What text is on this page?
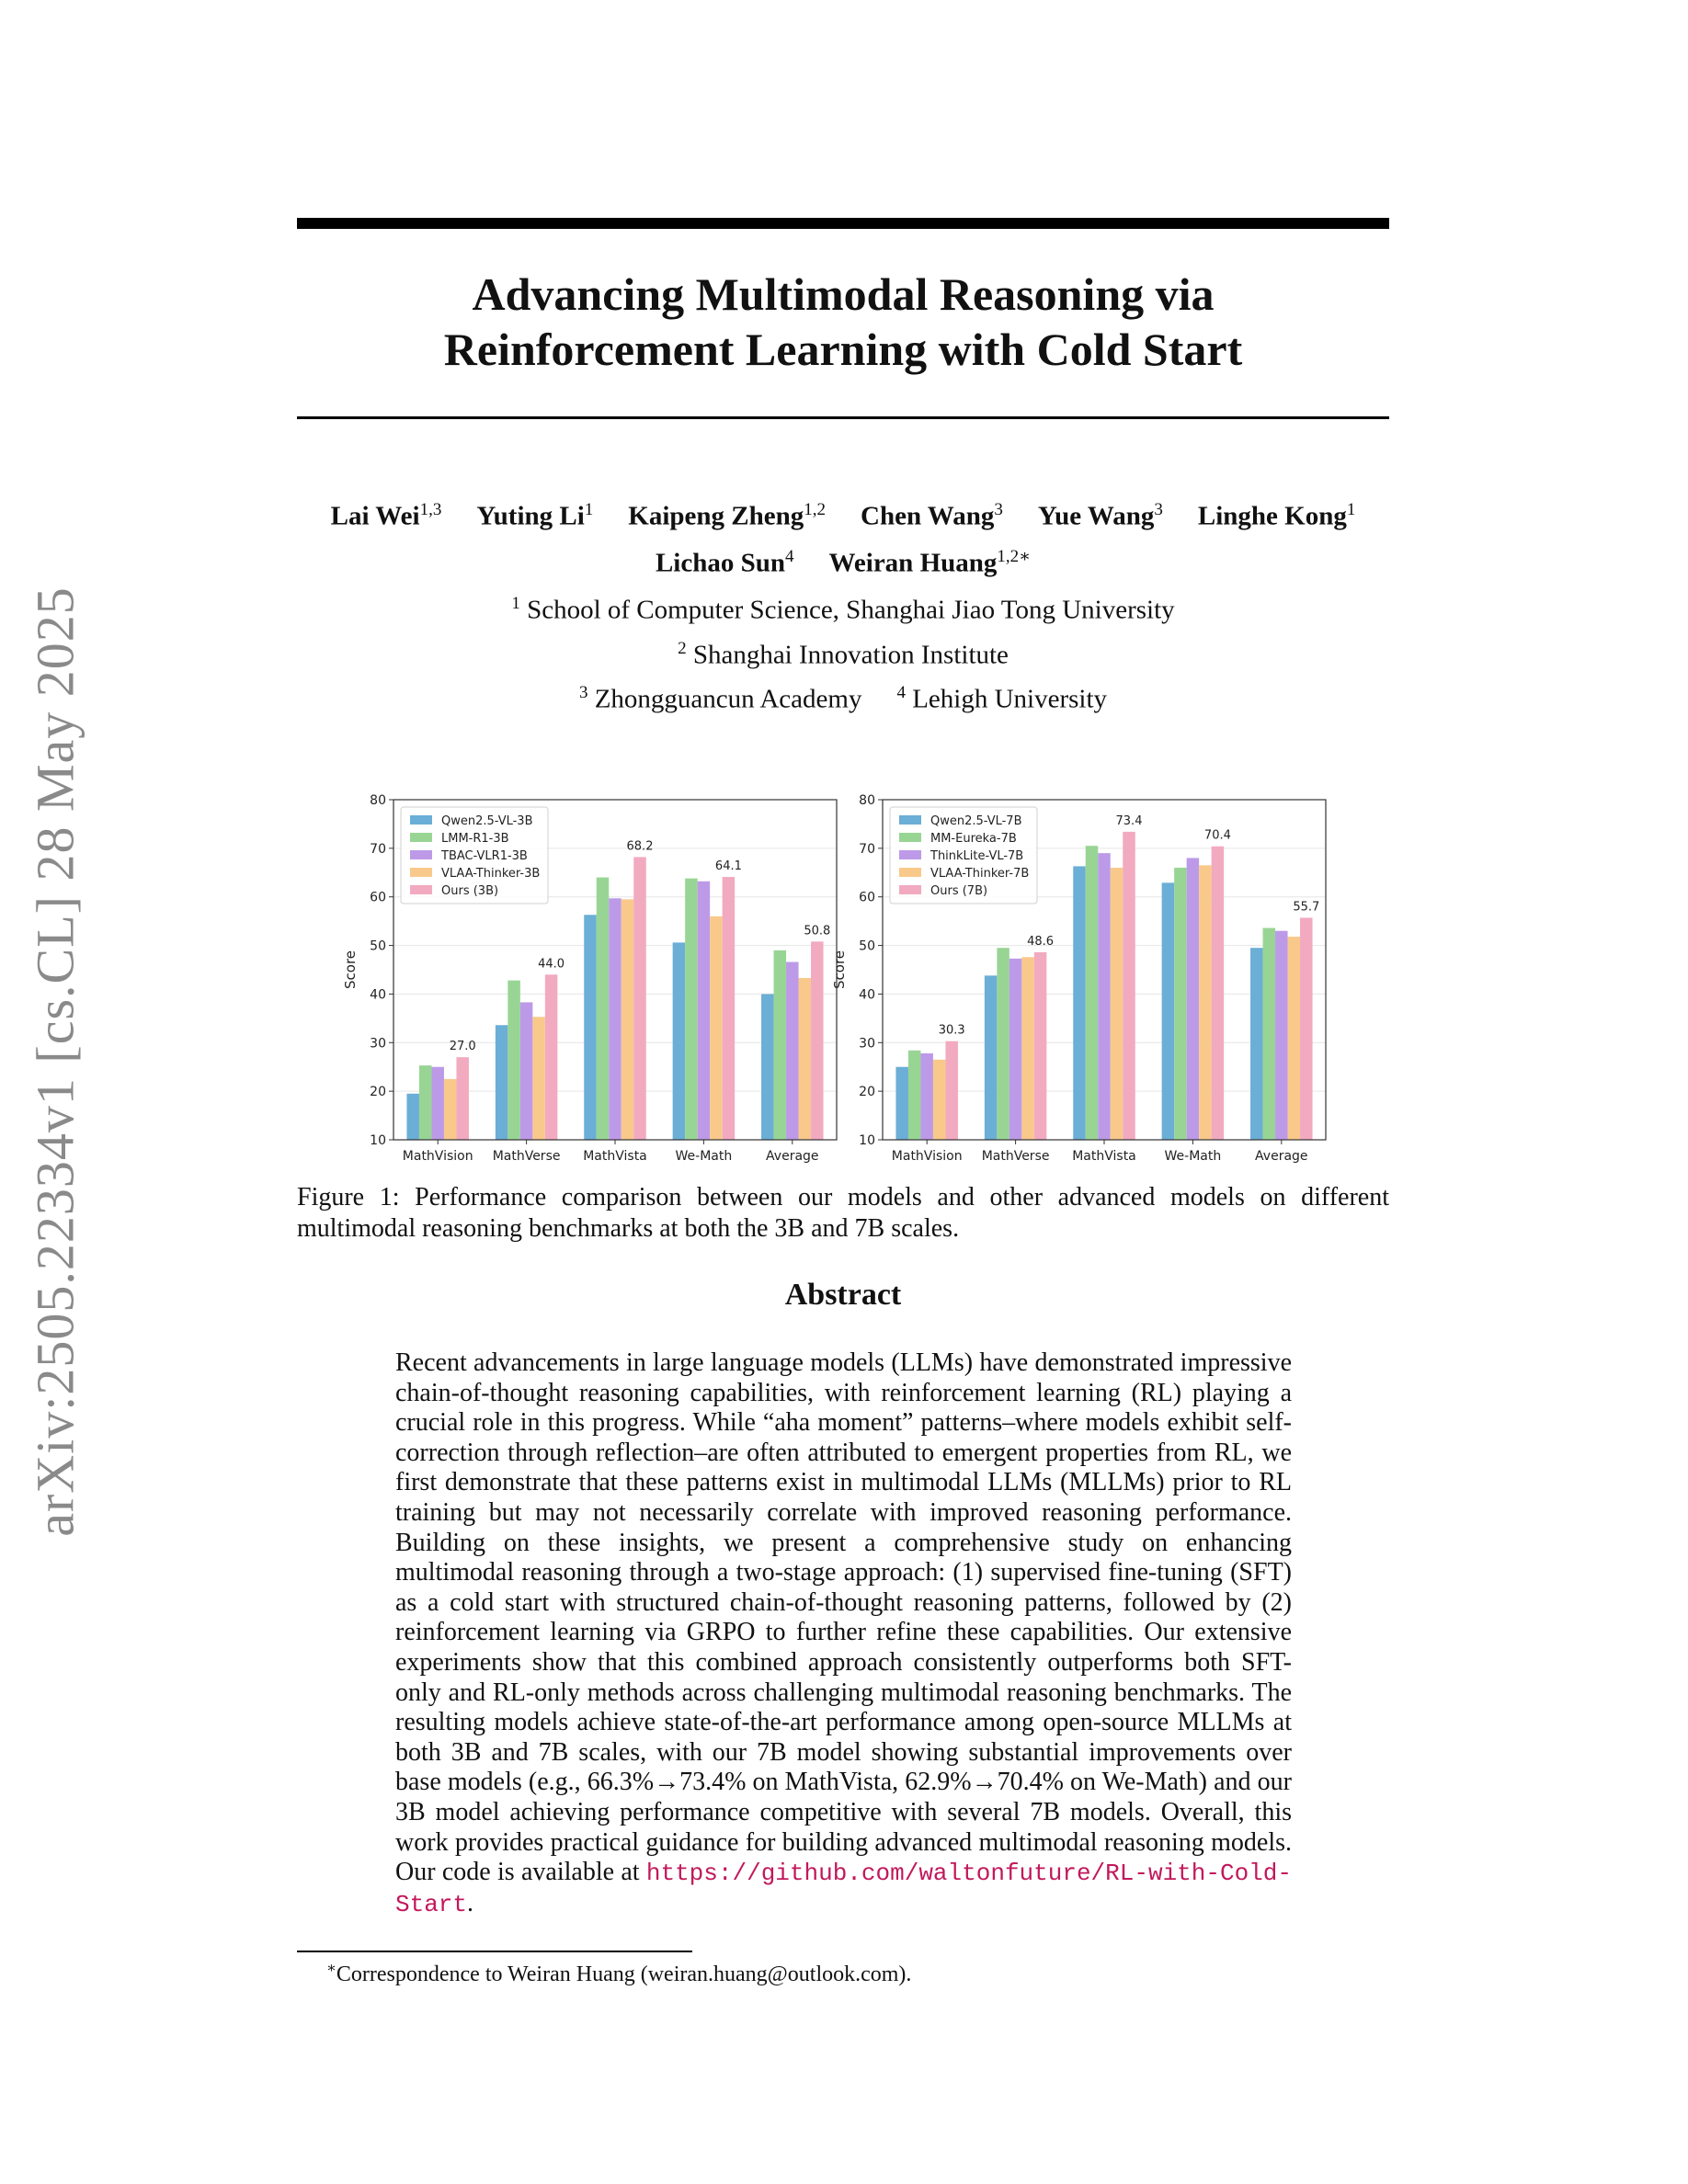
arXiv:2505.22334v1 [cs.CL] 28 May 2025
Advancing Multimodal Reasoning via
Reinforcement Learning with Cold Start
Lai Wei$^{1,3}$ Yuting Li$^1$ Kaipeng Zheng$^{1,2}$ Chen Wang$^3$ Yue Wang$^3$ Linghe Kong$^1$
Lichao Sun$^4$ Weiran Huang$^{1,2∗}$
$^1$ School of Computer Science, Shanghai Jiao Tong University
$^2$ Shanghai Innovation Institute
$^3$ Zhongguancun Academy $^4$ Lehigh University
10
20
30
40
50
60
70
80
Score
27.0
MathVision
44.0
MathVerse
68.2
MathVista
64.1
We-Math
50.8
Average
Qwen2.5-VL-3B
LMM-R1-3B
TBAC-VLR1-3B
VLAA-Thinker-3B
Ours (3B)
10
20
30
40
50
60
70
80
Score
30.3
MathVision
48.6
MathVerse
73.4
MathVista
70.4
We-Math
55.7
Average
Qwen2.5-VL-7B
MM-Eureka-7B
ThinkLite-VL-7B
VLAA-Thinker-7B
Ours (7B)
Figure 1: Performance comparison between our models and other advanced models on different multimodal reasoning benchmarks at both the 3B and 7B scales.
Abstract
Recent advancements in large language models (LLMs) have demonstrated impressive chain-of-thought reasoning capabilities, with reinforcement learning (RL) playing a crucial role in this progress. While “aha moment” patterns–where models exhibit self-correction through reflection–are often attributed to emergent properties from RL, we first demonstrate that these patterns exist in multimodal LLMs (MLLMs) prior to RL training but may not necessarily correlate with improved reasoning performance. Building on these insights, we present a comprehensive study on enhancing multimodal reasoning through a two-stage approach: (1) supervised fine-tuning (SFT) as a cold start with structured chain-of-thought reasoning patterns, followed by (2) reinforcement learning via GRPO to further refine these capabilities. Our extensive experiments show that this combined approach consistently outperforms both SFT-only and RL-only methods across challenging multimodal reasoning benchmarks. The resulting models achieve state-of-the-art performance among open-source MLLMs at both 3B and 7B scales, with our 7B model showing substantial improvements over base models (e.g., 66.3%→73.4% on MathVista, 62.9%→70.4% on We-Math) and our 3B model achieving performance competitive with several 7B models. Overall, this work provides practical guidance for building advanced multimodal reasoning models. Our code is available at https://github.com/waltonfuture/RL-with-Cold-Start.
∗Correspondence to Weiran Huang (weiran.huang@outlook.com).
